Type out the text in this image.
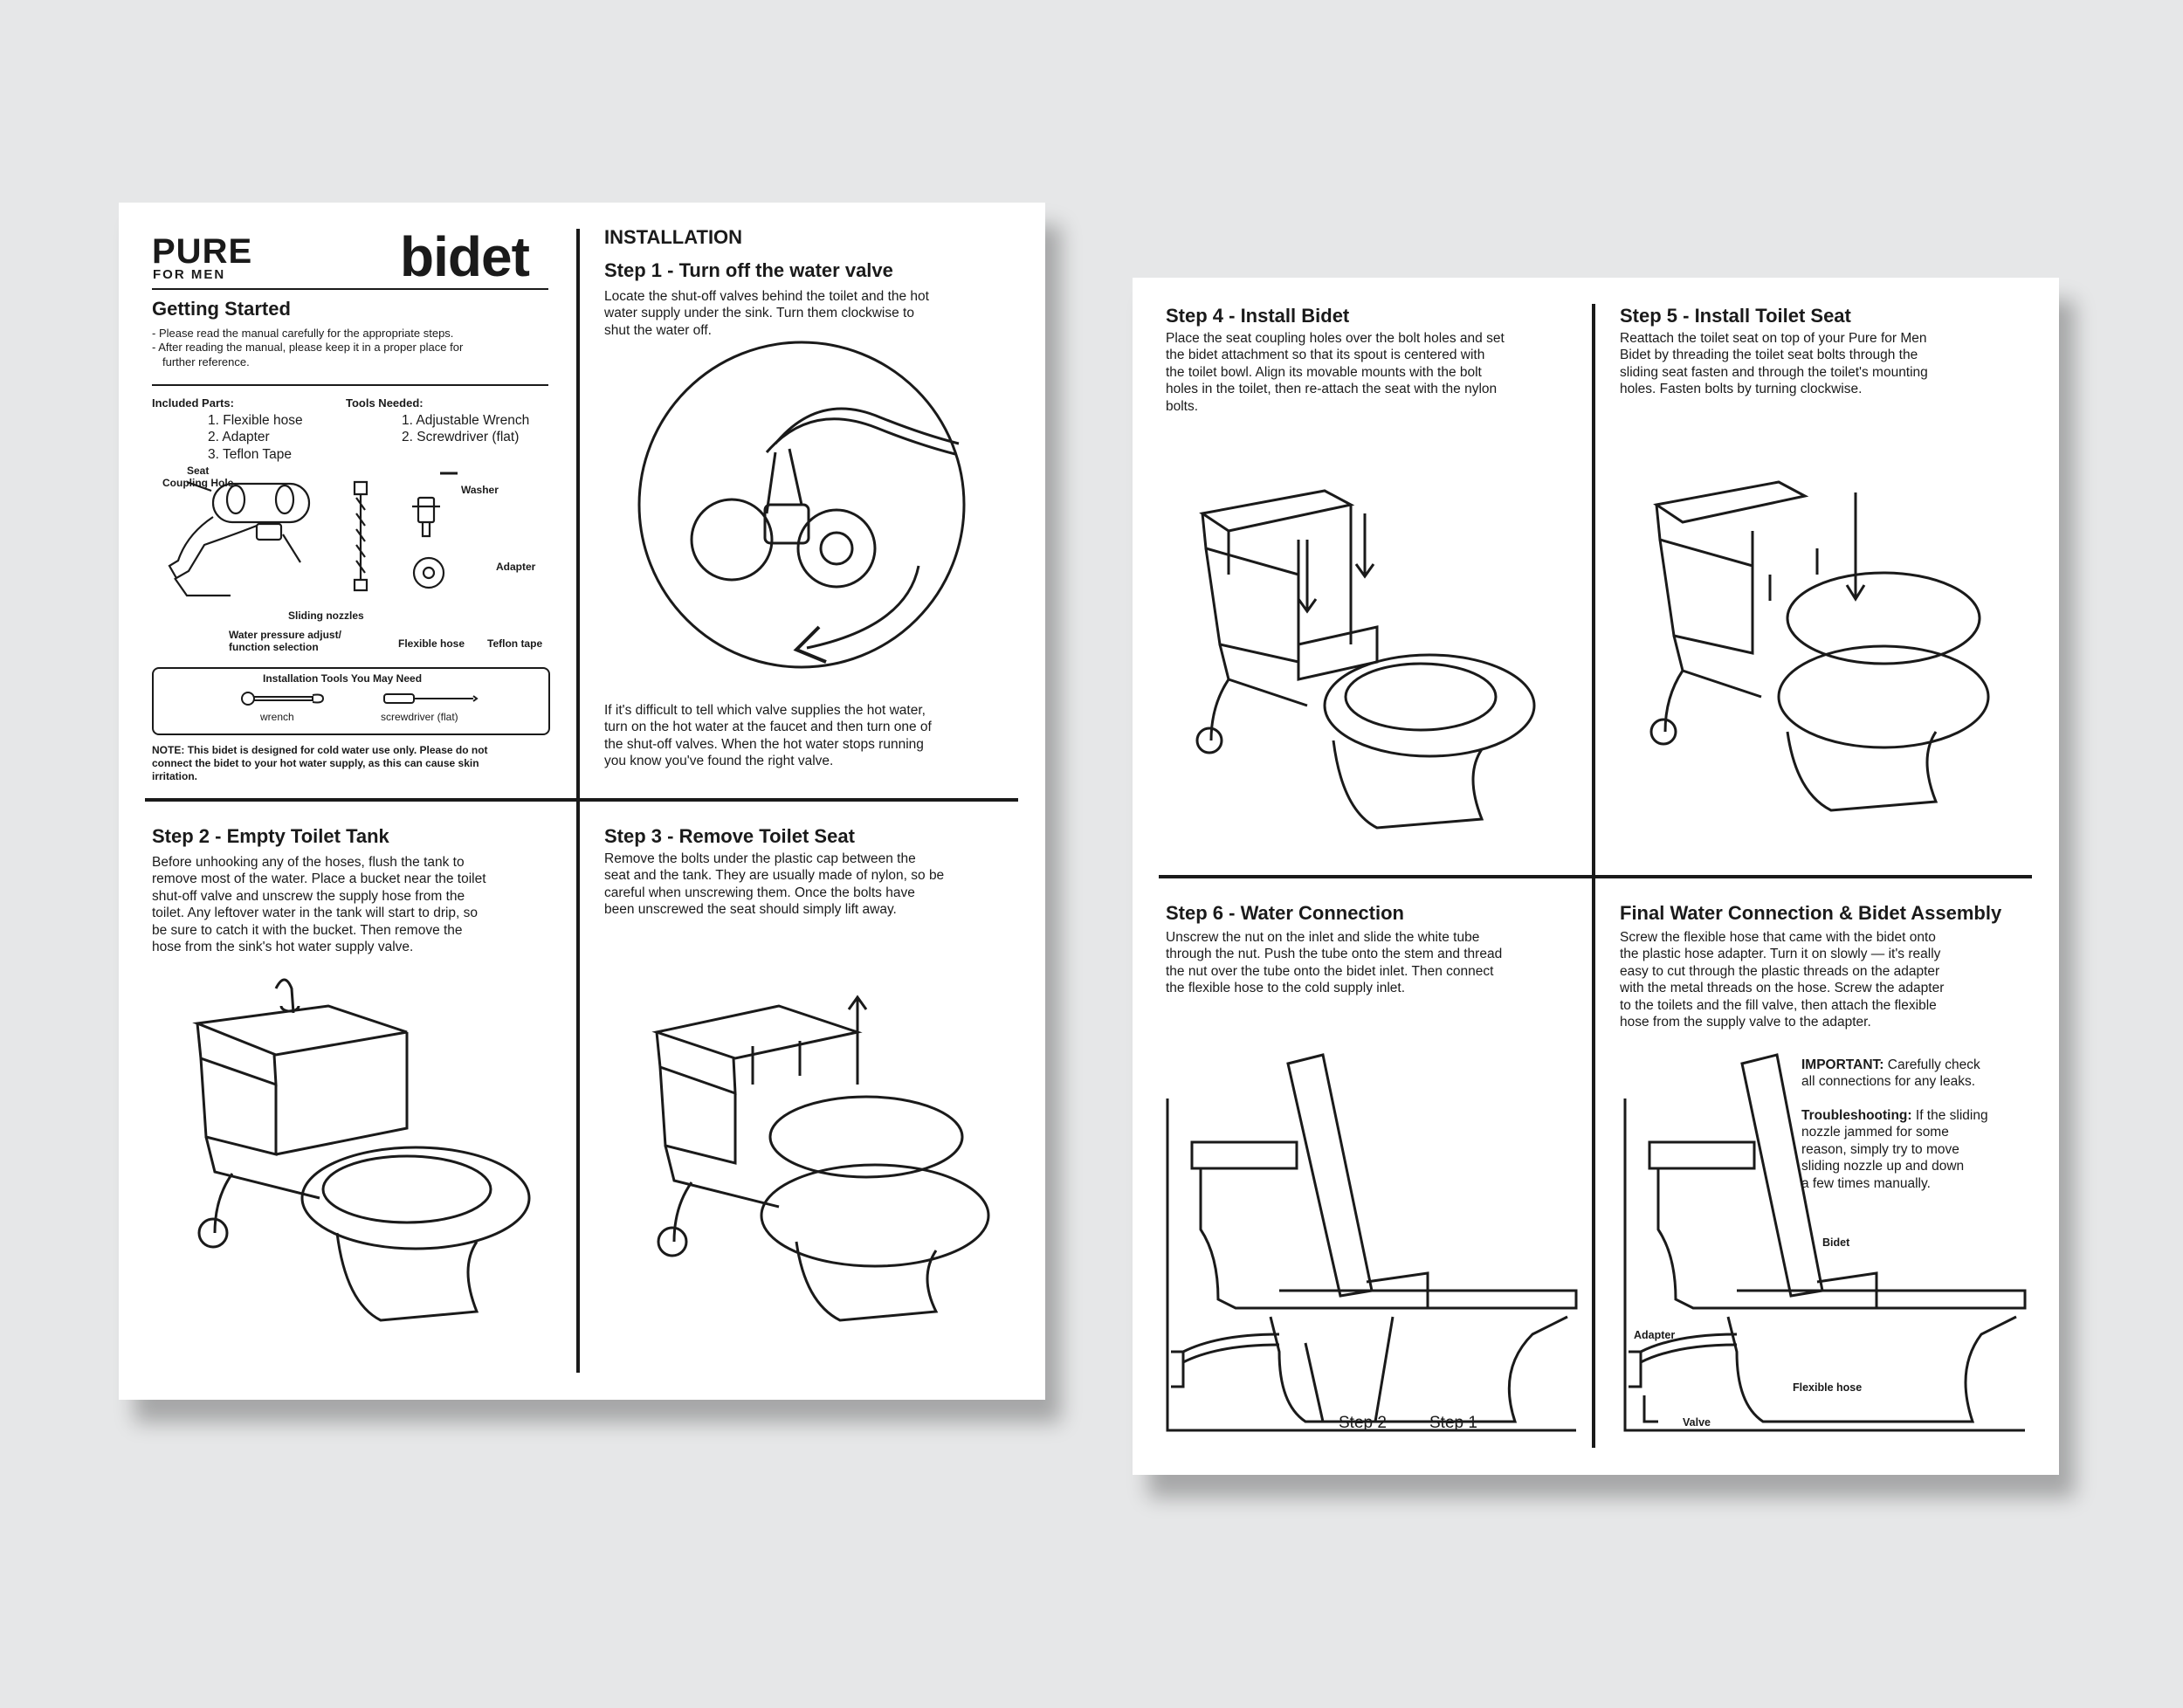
PURE
FOR MEN	bidet
Getting Started

- Please read the manual carefully for the appropriate steps.

- After reading the manual, please keep it in a proper place for

further reference.

Included Parts:

1. Flexible hose

2. Adapter

3. Teflon Tape

Tools Needed:

1. Adjustable Wrench

2. Screwdriver (flat)

Seat
Coupling Hole
Sliding nozzles
Water pressure adjust/
function selection
Washer
Adapter
Flexible hose Teflon tape
Installation Tools You May Need
wrench	screwdriver (flat)
NOTE: This bidet is designed for cold water use only. Please do not
connect the bidet to your hot water supply, as this can cause skin
irritation.
INSTALLATION
Step 1 - Turn off the water valve

Locate the shut-off valves behind the toilet and the hot

water supply under the sink. Turn them clockwise to

shut the water off.

If it's difficult to tell which valve supplies the hot water,

turn on the hot water at the faucet and then turn one of

the shut-off valves. When the hot water stops running

you know you've found the right valve.

Step 2 - Empty Toilet Tank

Before unhooking any of the hoses, flush the tank to

remove most of the water. Place a bucket near the toilet

shut-off valve and unscrew the supply hose from the

toilet. Any leftover water in the tank will start to drip, so

be sure to catch it with the bucket. Then remove the

hose from the sink's hot water supply valve.

Step 3 - Remove Toilet Seat

Remove the bolts under the plastic cap between the

seat and the tank. They are usually made of nylon, so be

careful when unscrewing them. Once the bolts have

been unscrewed the seat should simply lift away.

Step 4 - Install Bidet

Place the seat coupling holes over the bolt holes and set

the bidet attachment so that its spout is centered with

the toilet bowl. Align its movable mounts with the bolt

holes in the toilet, then re-attach the seat with the nylon

bolts.

Step 5 - Install Toilet Seat

Reattach the toilet seat on top of your Pure for Men

Bidet by threading the toilet seat bolts through the

sliding seat fasten and through the toilet's mounting

holes. Fasten bolts by turning clockwise.

Step 6 - Water Connection

Unscrew the nut on the inlet and slide the white tube

through the nut. Push the tube onto the stem and thread

the nut over the tube onto the bidet inlet. Then connect

the flexible hose to the cold supply inlet.

Step 2	Step 1
Final Water Connection & Bidet Assembly

Screw the flexible hose that came with the bidet onto

the plastic hose adapter. Turn it on slowly — it's really

easy to cut through the plastic threads on the adapter

with the metal threads on the hose. Screw the adapter

to the toilets and the fill valve, then attach the flexible

hose from the supply valve to the adapter.

IMPORTANT: Carefully check

all connections for any leaks.

Troubleshooting: If the sliding

nozzle jammed for some

reason, simply try to move

sliding nozzle up and down

a few times manually.

Bidet
Adapter
Flexible hose
Valve
